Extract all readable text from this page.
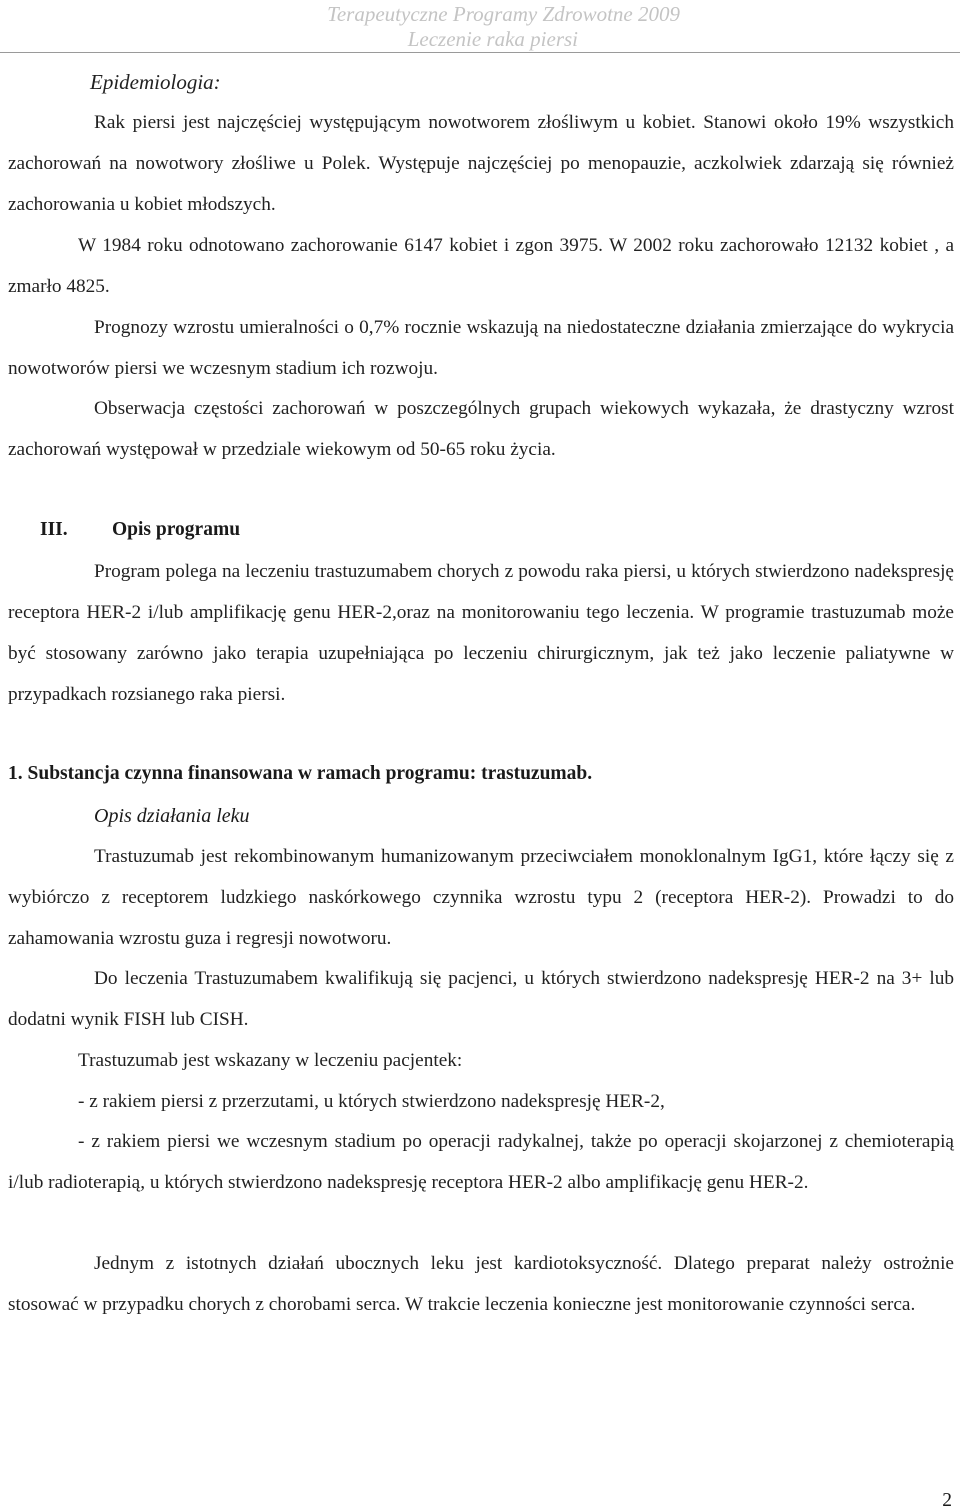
Terapeutyczne Programy Zdrowotne 2009
Leczenie raka piersi
Epidemiologia:
Rak piersi jest najczęściej występującym nowotworem złośliwym u kobiet. Stanowi około 19% wszystkich zachorowań na nowotwory złośliwe u Polek. Występuje najczęściej po menopauzie, aczkolwiek zdarzają się również zachorowania u kobiet młodszych.
W 1984 roku odnotowano zachorowanie 6147 kobiet i zgon 3975. W 2002 roku zachorowało 12132 kobiet , a zmarło 4825.
Prognozy wzrostu umieralności o 0,7% rocznie wskazują na niedostateczne działania zmierzające do wykrycia nowotworów piersi we wczesnym stadium ich rozwoju.
Obserwacja częstości zachorowań w poszczególnych grupach wiekowych wykazała, że drastyczny wzrost zachorowań występował w przedziale wiekowym od 50-65 roku życia.
III. Opis programu
Program polega na leczeniu trastuzumabem chorych z powodu raka piersi, u których stwierdzono nadekspresję receptora HER-2 i/lub amplifikację genu HER-2,oraz na monitorowaniu tego leczenia. W programie trastuzumab może być stosowany zarówno jako terapia uzupełniająca po leczeniu chirurgicznym, jak też jako leczenie paliatywne w przypadkach rozsianego raka piersi.
1. Substancja czynna finansowana w ramach programu: trastuzumab.
Opis działania leku
Trastuzumab jest rekombinowanym humanizowanym przeciwciałem monoklonalnym IgG1, które łączy się z wybiórczo z receptorem ludzkiego naskórkowego czynnika wzrostu typu 2 (receptora HER-2). Prowadzi to do zahamowania wzrostu guza i regresji nowotworu.
Do leczenia Trastuzumabem kwalifikują się pacjenci, u których stwierdzono nadekspresję HER-2 na 3+ lub dodatni wynik FISH lub CISH.
Trastuzumab jest wskazany w leczeniu pacjentek:
- z rakiem piersi z przerzutami, u których stwierdzono nadekspresję HER-2,
- z rakiem piersi we wczesnym stadium po operacji radykalnej, także po operacji skojarzonej z chemioterapią i/lub radioterapią, u których stwierdzono nadekspresję receptora HER-2 albo amplifikację genu HER-2.
Jednym z istotnych działań ubocznych leku jest kardiotoksyczność. Dlatego preparat należy ostrożnie stosować w przypadku chorych z chorobami serca. W trakcie leczenia konieczne jest monitorowanie czynności serca.
2
